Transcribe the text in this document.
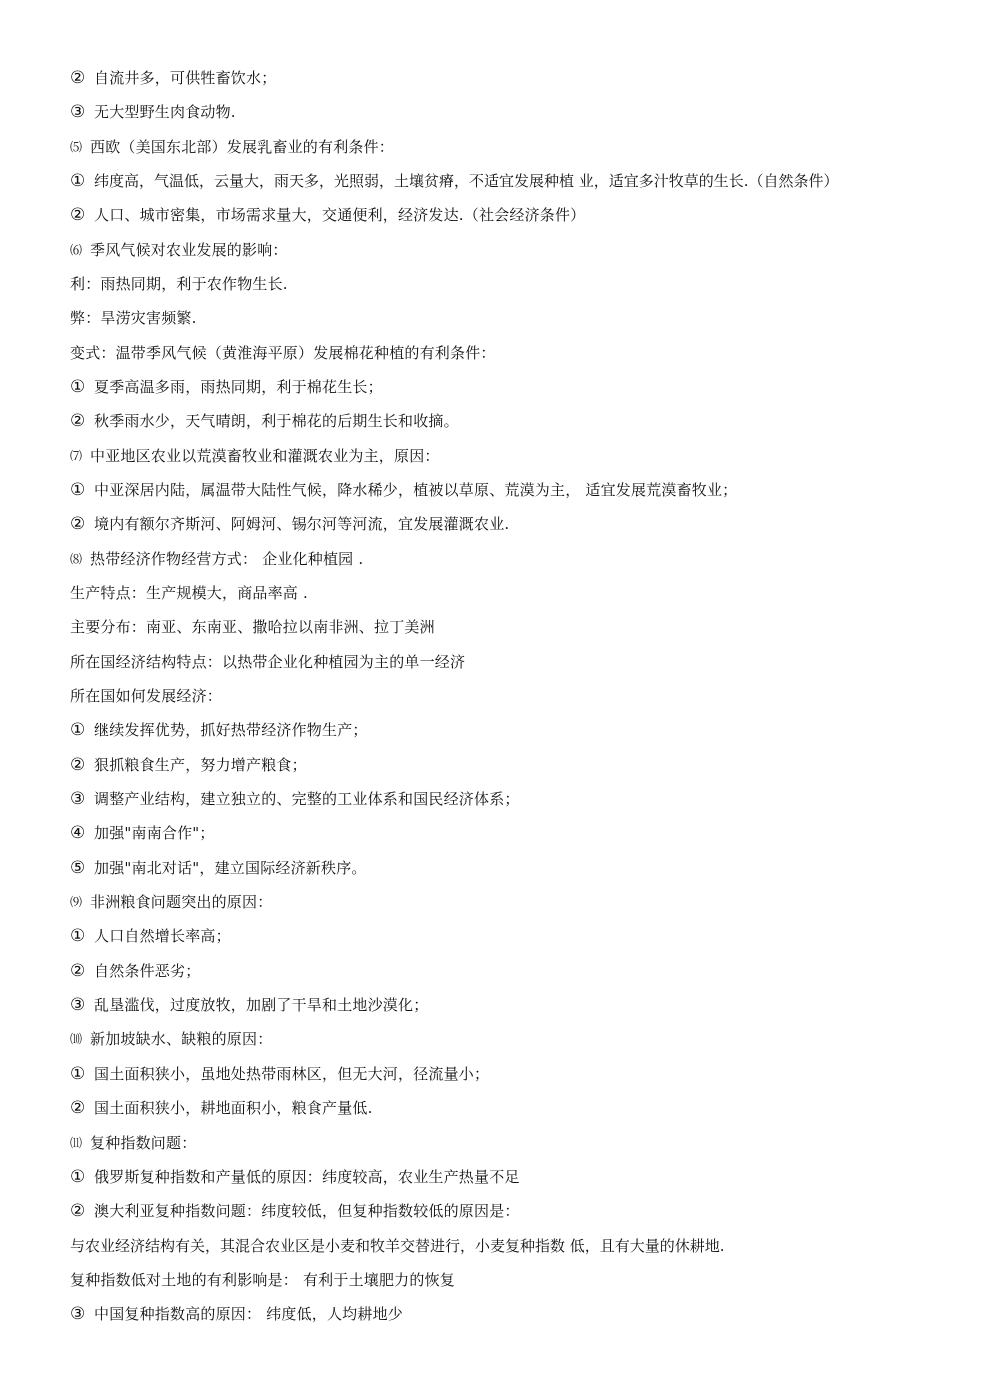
② 自流井多，可供牲畜饮水；
③ 无大型野生肉食动物.
⑸ 西欧（美国东北部）发展乳畜业的有利条件：
① 纬度高，气温低，云量大，雨天多，光照弱，土壤贫瘠，不适宜发展种植 业，适宜多汁牧草的生长.（自然条件）
② 人口、城市密集，市场需求量大，交通便利，经济发达.（社会经济条件）
⑹ 季风气候对农业发展的影响：
利：雨热同期，利于农作物生长.
弊：旱涝灾害频繁.
变式：温带季风气候（黄淮海平原）发展棉花种植的有利条件：
① 夏季高温多雨，雨热同期，利于棉花生长；
② 秋季雨水少，天气晴朗，利于棉花的后期生长和收摘。
⑺ 中亚地区农业以荒漠畜牧业和灌溉农业为主，原因：
① 中亚深居内陆，属温带大陆性气候，降水稀少，植被以草原、荒漠为主， 适宜发展荒漠畜牧业；
② 境内有额尔齐斯河、阿姆河、锡尔河等河流，宜发展灌溉农业.
⑻ 热带经济作物经营方式： 企业化种植园 .
生产特点：生产规模大，商品率高 .
主要分布：南亚、东南亚、撒哈拉以南非洲、拉丁美洲
所在国经济结构特点：以热带企业化种植园为主的单一经济
所在国如何发展经济：
① 继续发挥优势，抓好热带经济作物生产；
② 狠抓粮食生产，努力增产粮食；
③ 调整产业结构，建立独立的、完整的工业体系和国民经济体系；
④ 加强"南南合作"；
⑤ 加强"南北对话"，建立国际经济新秩序。
⑼ 非洲粮食问题突出的原因：
① 人口自然增长率高；
② 自然条件恶劣；
③ 乱垦滥伐，过度放牧，加剧了干旱和土地沙漠化；
⑽ 新加坡缺水、缺粮的原因：
① 国土面积狭小，虽地处热带雨林区，但无大河，径流量小；
② 国土面积狭小，耕地面积小，粮食产量低.
⑾ 复种指数问题：
① 俄罗斯复种指数和产量低的原因：纬度较高，农业生产热量不足
② 澳大利亚复种指数问题：纬度较低，但复种指数较低的原因是：
与农业经济结构有关，其混合农业区是小麦和牧羊交替进行，小麦复种指数 低，且有大量的休耕地.
复种指数低对土地的有利影响是： 有利于土壤肥力的恢复
③ 中国复种指数高的原因： 纬度低，人均耕地少
